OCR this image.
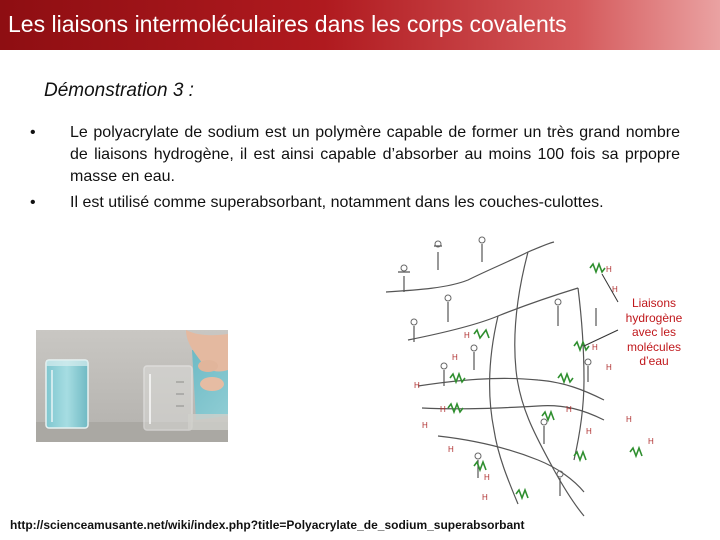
Les liaisons intermoléculaires dans les corps covalents
Démonstration 3 :
• Le polyacrylate de sodium est un polymère capable de former un très grand nombre de liaisons hydrogène, il est ainsi capable d’absorber au moins 100 fois sa prpopre masse en eau.
• Il est utilisé comme superabsorbant, notamment dans les couches-culottes.
H
H
H
H
H
H
H
H
H
H
H
H
H
H
H
H
Liaisons
hydrogène
avec les
molécules
d’eau
http://scienceamusante.net/wiki/index.php?title=Polyacrylate_de_sodium_superabsorbant
